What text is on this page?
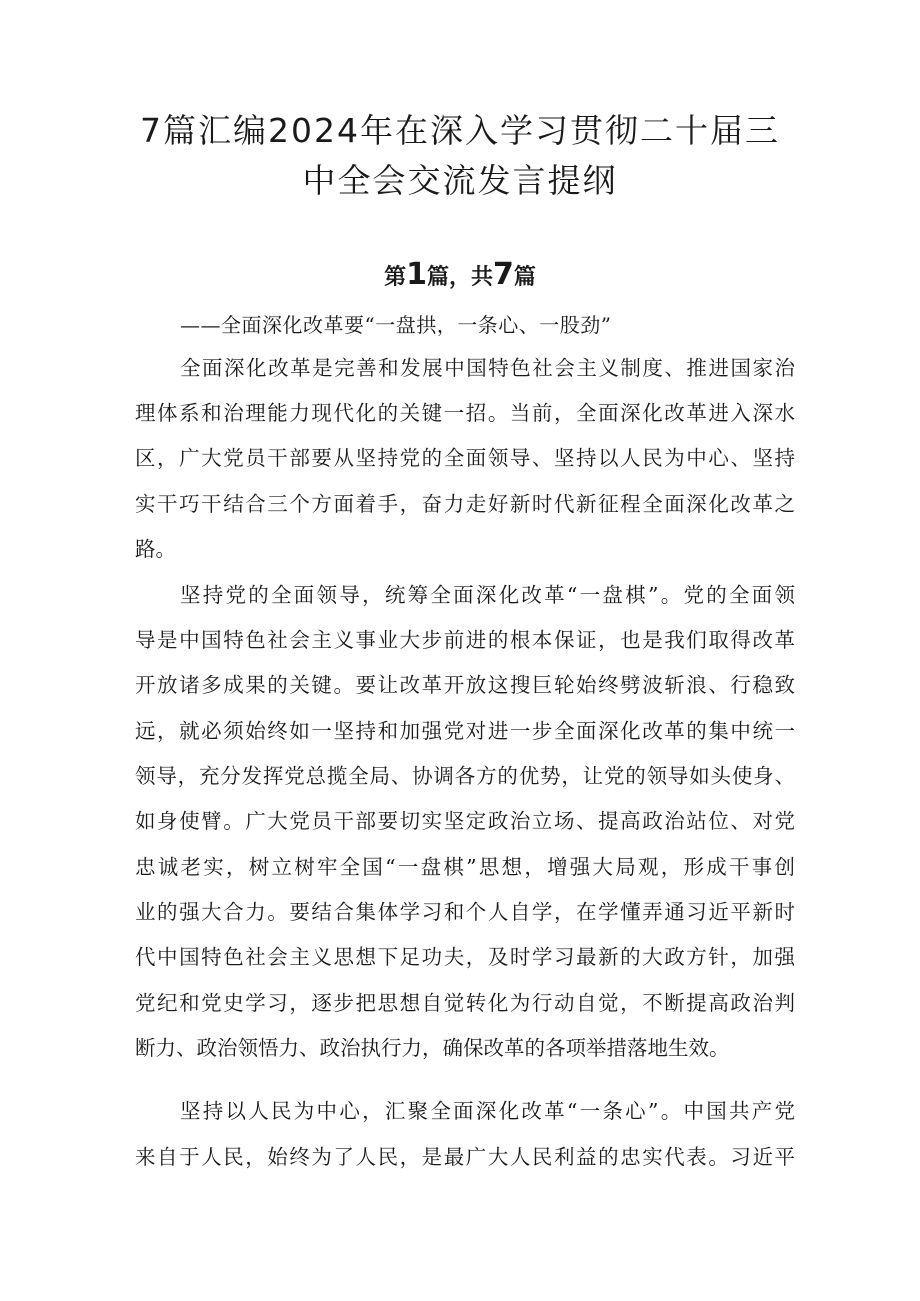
7篇汇编2024年在深入学习贯彻二十届三
中全会交流发言提纲
第1篇，共7篇

——全面深化改革要“一盘拱，一条心、一股劲”

全面深化改革是完善和发展中国特色社会主义制度、推进国家治

理体系和治理能力现代化的关键一招。当前，全面深化改革进入深水

区，广大党员干部要从坚持党的全面领导、坚持以人民为中心、坚持

实干巧干结合三个方面着手，奋力走好新时代新征程全面深化改革之

路。

坚持党的全面领导，统筹全面深化改革“一盘棋”。党的全面领

导是中国特色社会主义事业大步前进的根本保证，也是我们取得改革

开放诸多成果的关键。要让改革开放这搜巨轮始终劈波斩浪、行稳致

远，就必须始终如一坚持和加强党对进一步全面深化改革的集中统一

领导，充分发挥党总揽全局、协调各方的优势，让党的领导如头使身、

如身使臂。广大党员干部要切实坚定政治立场、提高政治站位、对党

忠诚老实，树立树牢全国“一盘棋”思想，增强大局观，形成干事创

业的强大合力。要结合集体学习和个人自学，在学懂弄通习近平新时

代中国特色社会主义思想下足功夫，及时学习最新的大政方针，加强

党纪和党史学习，逐步把思想自觉转化为行动自觉，不断提高政治判

断力、政治领悟力、政治执行力，确保改革的各项举措落地生效。

坚持以人民为中心，汇聚全面深化改革“一条心”。中国共产党

来自于人民，始终为了人民，是最广大人民利益的忠实代表。习近平
